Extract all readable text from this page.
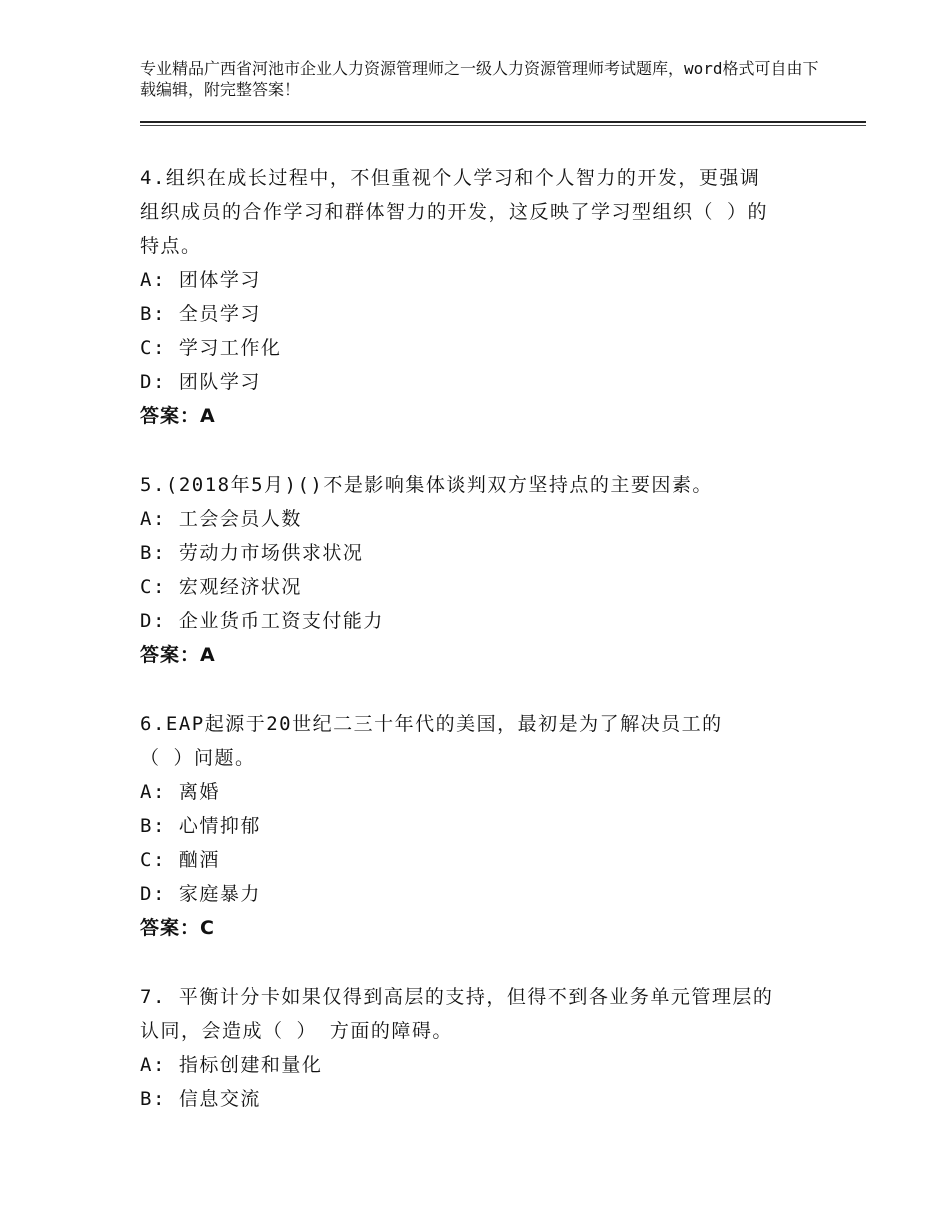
专业精品广西省河池市企业人力资源管理师之一级人力资源管理师考试题库，word格式可自由下载编辑，附完整答案！
4.组织在成长过程中，不但重视个人学习和个人智力的开发，更强调
组织成员的合作学习和群体智力的开发，这反映了学习型组织（ ）的
特点。
A: 团体学习
B: 全员学习
C: 学习工作化
D: 团队学习
答案：A
5.(2018年5月)()不是影响集体谈判双方坚持点的主要因素。
A: 工会会员人数
B: 劳动力市场供求状况
C: 宏观经济状况
D: 企业货币工资支付能力
答案：A
6.EAP起源于20世纪二三十年代的美国，最初是为了解决员工的
（ ）问题。
A: 离婚
B: 心情抑郁
C: 酗酒
D: 家庭暴力
答案：C
7. 平衡计分卡如果仅得到高层的支持，但得不到各业务单元管理层的
认同，会造成（ ） 方面的障碍。
A: 指标创建和量化
B: 信息交流
